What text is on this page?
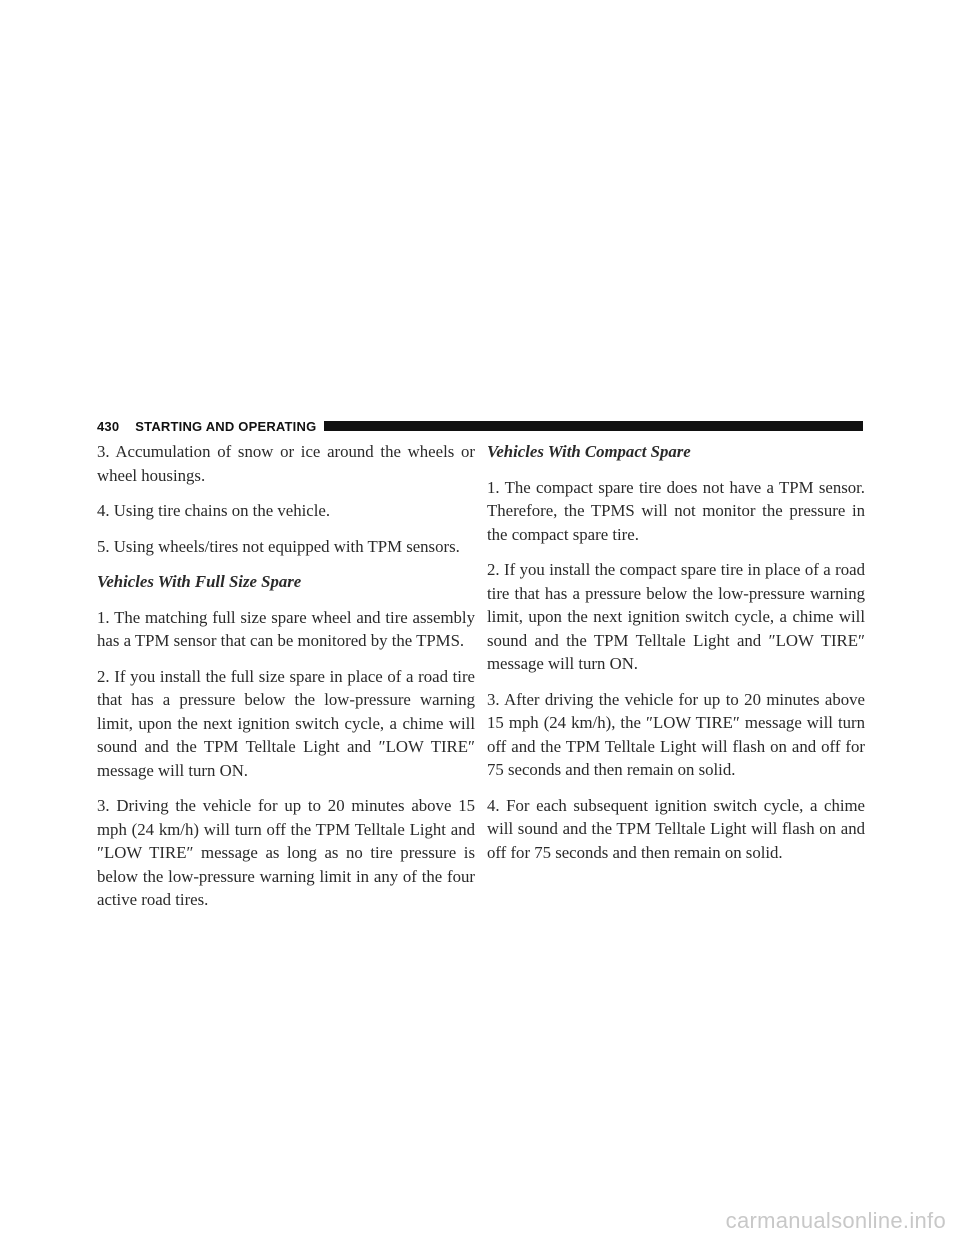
430	STARTING AND OPERATING

3. Accumulation of snow or ice around the wheels or wheel housings.

4. Using tire chains on the vehicle.

5. Using wheels/tires not equipped with TPM sensors.

Vehicles With Full Size Spare

1. The matching full size spare wheel and tire assembly has a TPM sensor that can be monitored by the TPMS.

2. If you install the full size spare in place of a road tire that has a pressure below the low-pressure warning limit, upon the next ignition switch cycle, a chime will sound and the TPM Telltale Light and ″LOW TIRE″ message will turn ON.

3. Driving the vehicle for up to 20 minutes above 15 mph (24 km/h) will turn off the TPM Telltale Light and ″LOW TIRE″ message as long as no tire pressure is below the low-pressure warning limit in any of the four active road tires.

Vehicles With Compact Spare

1. The compact spare tire does not have a TPM sensor. Therefore, the TPMS will not monitor the pressure in the compact spare tire.

2. If you install the compact spare tire in place of a road tire that has a pressure below the low-pressure warning limit, upon the next ignition switch cycle, a chime will sound and the TPM Telltale Light and ″LOW TIRE″ message will turn ON.

3. After driving the vehicle for up to 20 minutes above 15 mph (24 km/h), the ″LOW TIRE″ message will turn off and the TPM Telltale Light will flash on and off for 75 seconds and then remain on solid.

4. For each subsequent ignition switch cycle, a chime will sound and the TPM Telltale Light will flash on and off for 75 seconds and then remain on solid.

carmanualsonline.info
